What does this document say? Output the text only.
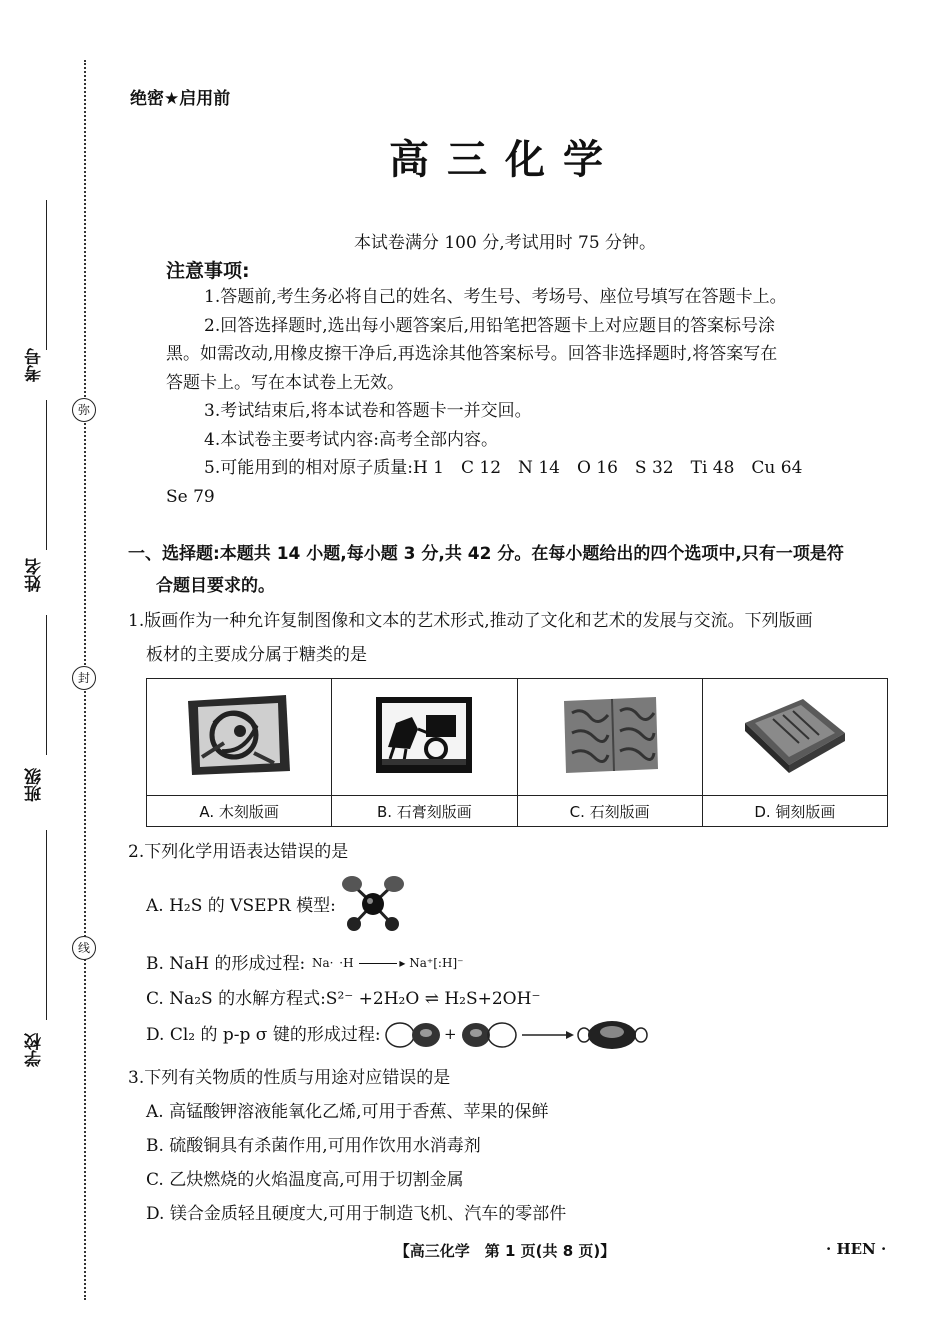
考号
姓名
班级
学校
弥
封
线
绝密★启用前
高三化学
本试卷满分 100 分,考试用时 75 分钟。
注意事项:
1.答题前,考生务必将自己的姓名、考生号、考场号、座位号填写在答题卡上。
2.回答选择题时,选出每小题答案后,用铅笔把答题卡上对应题目的答案标号涂
黑。如需改动,用橡皮擦干净后,再选涂其他答案标号。回答非选择题时,将答案写在
答题卡上。写在本试卷上无效。
3.考试结束后,将本试卷和答题卡一并交回。
4.本试卷主要考试内容:高考全部内容。
5.可能用到的相对原子质量:H 1　C 12　N 14　O 16　S 32　Ti 48　Cu 64
Se 79
一、选择题:本题共 14 小题,每小题 3 分,共 42 分。在每小题给出的四个选项中,只有一项是符
合题目要求的。
1.版画作为一种允许复制图像和文本的艺术形式,推动了文化和艺术的发展与交流。下列版画
板材的主要成分属于糖类的是

A. 木刻版画	B. 石膏刻版画	C. 石刻版画	D. 铜刻版画
2.下列化学用语表达错误的是
A. H₂S 的 VSEPR 模型:
B. NaH 的形成过程: Na· ·H	▸ Na⁺[:H]⁻
C. Na₂S 的水解方程式:S²⁻ +2H₂O ⇌ H₂S+2OH⁻
D. Cl₂ 的 p-p σ 键的形成过程:	+
3.下列有关物质的性质与用途对应错误的是
A. 高锰酸钾溶液能氧化乙烯,可用于香蕉、苹果的保鲜
B. 硫酸铜具有杀菌作用,可用作饮用水消毒剂
C. 乙炔燃烧的火焰温度高,可用于切割金属
D. 镁合金质轻且硬度大,可用于制造飞机、汽车的零部件
【高三化学　第 1 页(共 8 页)】	· HEN ·
